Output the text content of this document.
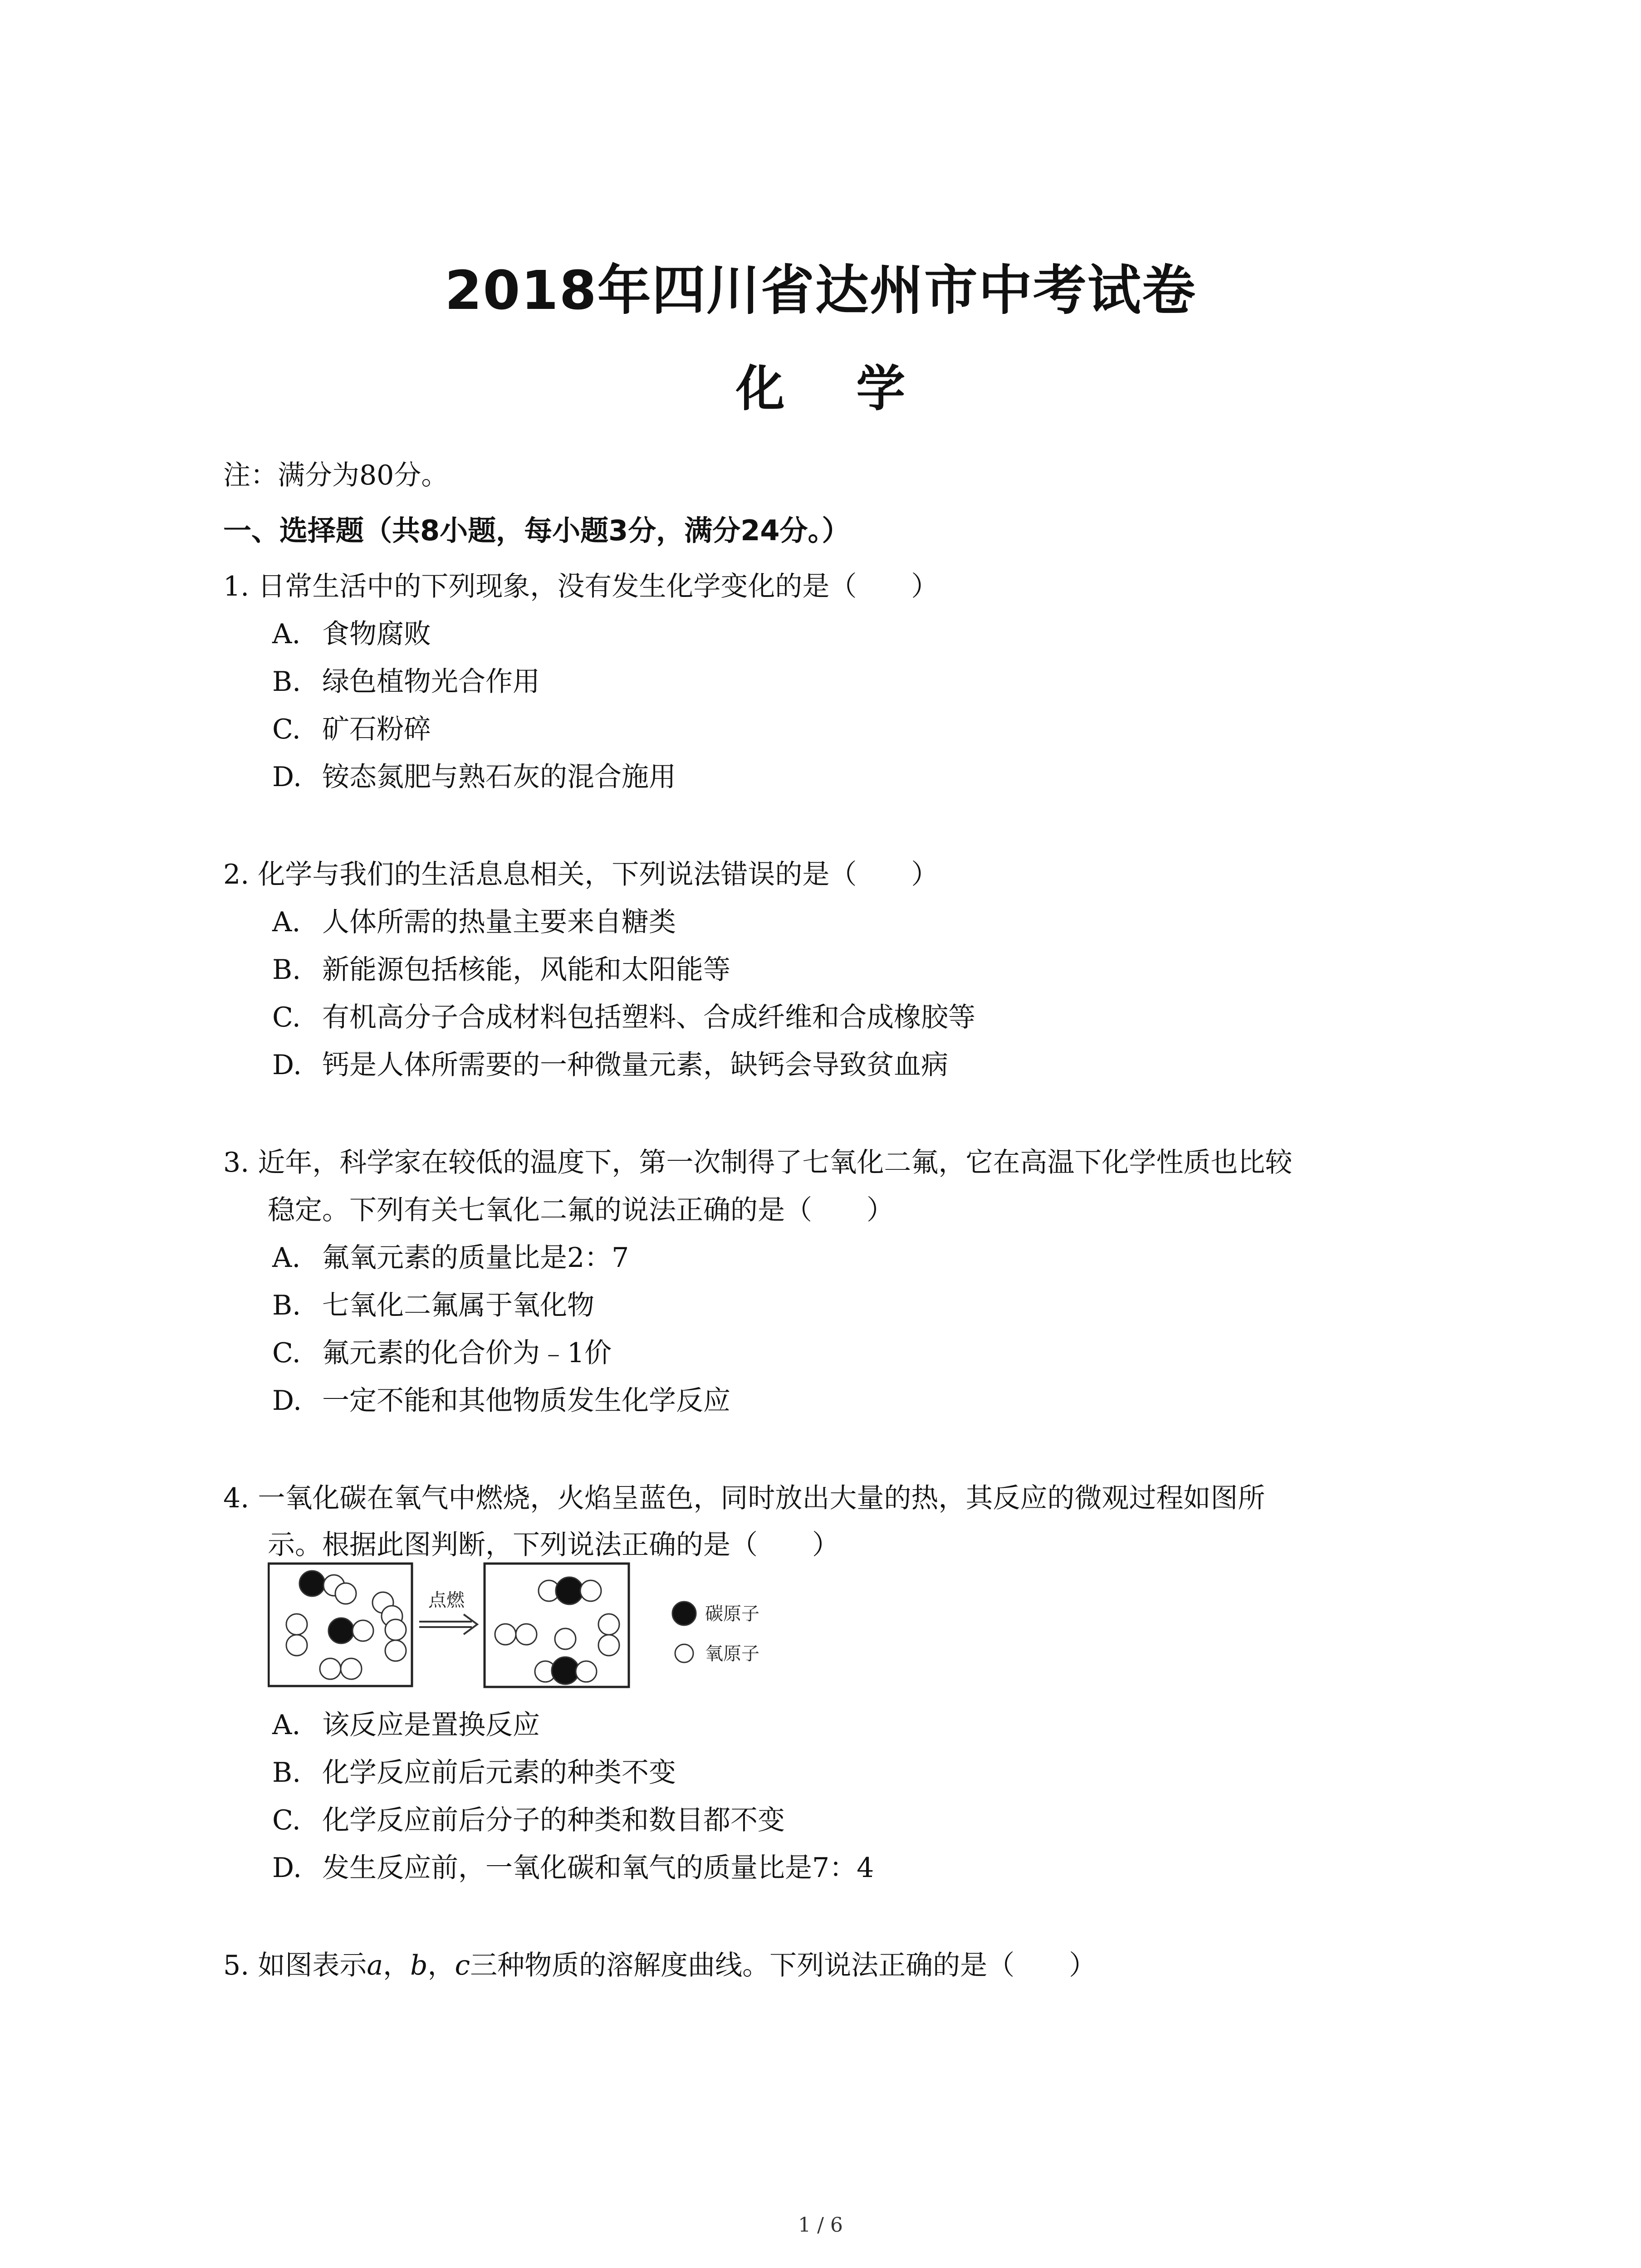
2018年四川省达州市中考试卷
化 学
注：满分为80分。
一、选择题（共8小题，每小题3分，满分24分。）
1. 日常生活中的下列现象，没有发生化学变化的是（　　）
A. 食物腐败
B. 绿色植物光合作用
C. 矿石粉碎
D. 铵态氮肥与熟石灰的混合施用
2. 化学与我们的生活息息相关，下列说法错误的是（　　）
A. 人体所需的热量主要来自糖类
B. 新能源包括核能，风能和太阳能等
C. 有机高分子合成材料包括塑料、合成纤维和合成橡胶等
D. 钙是人体所需要的一种微量元素，缺钙会导致贫血病
3. 近年，科学家在较低的温度下，第一次制得了七氧化二氟，它在高温下化学性质也比较
稳定。下列有关七氧化二氟的说法正确的是（　　）
A. 氟氧元素的质量比是2：7
B. 七氧化二氟属于氧化物
C. 氟元素的化合价为﹣1价
D. 一定不能和其他物质发生化学反应
4. 一氧化碳在氧气中燃烧，火焰呈蓝色，同时放出大量的热，其反应的微观过程如图所
示。根据此图判断，下列说法正确的是（　　）
点燃
碳原子
氧原子
A. 该反应是置换反应
B. 化学反应前后元素的种类不变
C. 化学反应前后分子的种类和数目都不变
D. 发生反应前，一氧化碳和氧气的质量比是7：4
5. 如图表示a，b，c三种物质的溶解度曲线。下列说法正确的是（　　）
1 / 6
